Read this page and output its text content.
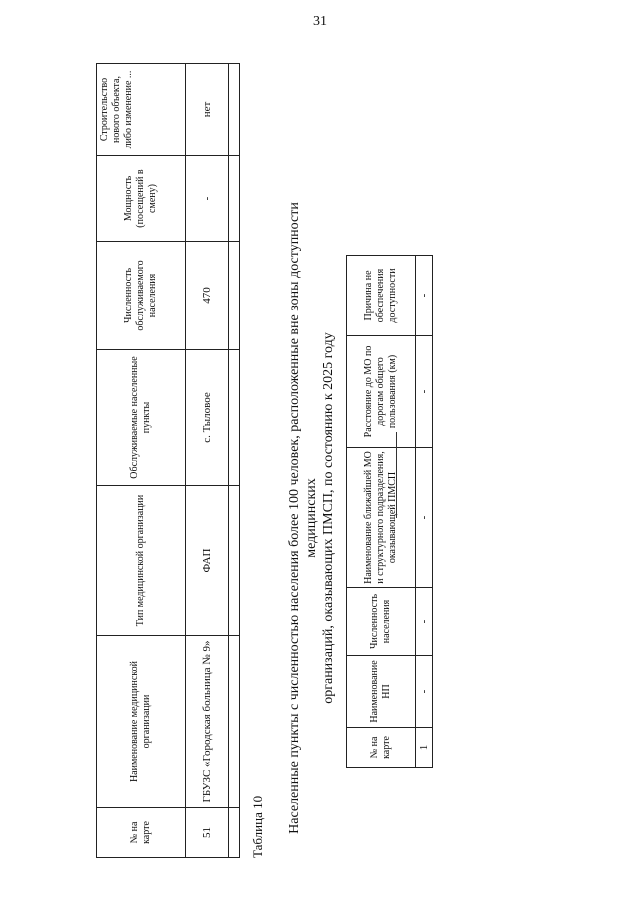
31
№ на карте	Наименование медицинской организации	Тип медицинской организации	Обслуживаемые населенные пункты	Численность обслуживаемого населения	Мощность (посещений в смену)	Строительство нового объекта, либо изменение ...

51	ГБУЗС «Городская больница № 9»	ФАП	с. Тыловое	470	-	нет

Таблица 10 Населенные пункты с численностью населения более 100 человек, расположенные вне зоны доступности медицинских организаций, оказывающих ПМСП, по состоянию к 2025 году
№ на карте	Наименование НП	Численность населения	Наименование ближайшей МО и структурного подразделения, оказывающей ПМСП	Расстояние до МО по дорогам общего пользования (км)	Причина не обеспечения доступности
1	-	-	-	-	-
